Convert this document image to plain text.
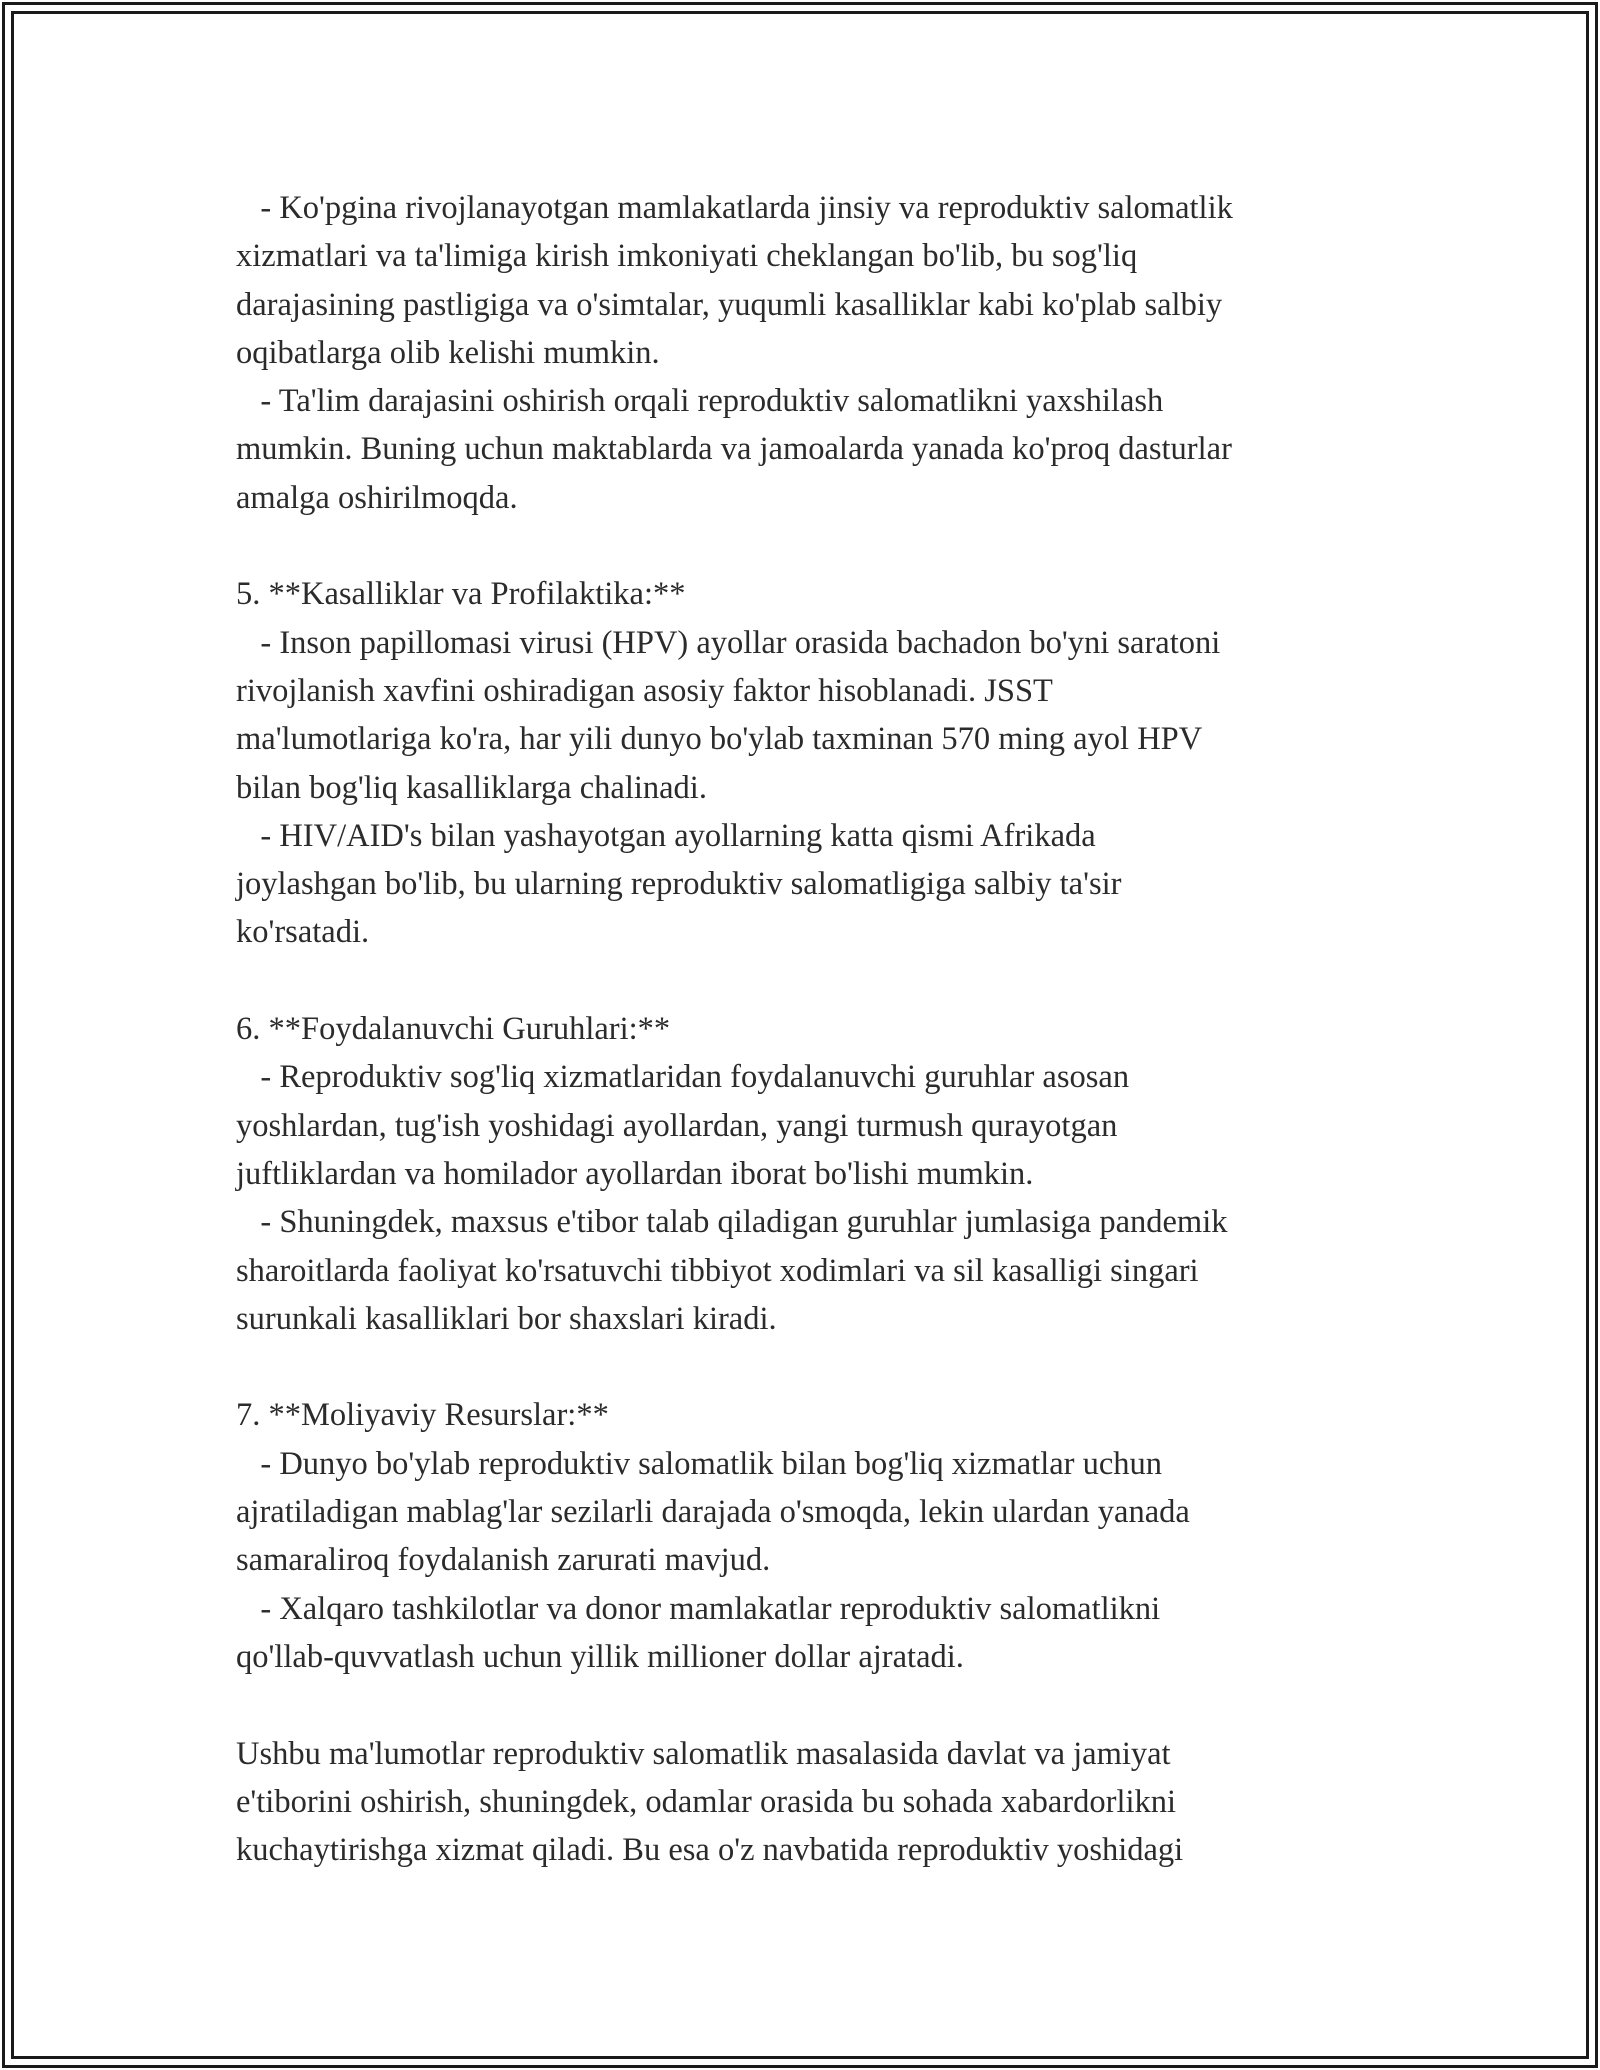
- Ko'pgina rivojlanayotgan mamlakatlarda jinsiy va reproduktiv salomatlik
xizmatlari va ta'limiga kirish imkoniyati cheklangan bo'lib, bu sog'liq
darajasining pastligiga va o'simtalar, yuqumli kasalliklar kabi ko'plab salbiy
oqibatlarga olib kelishi mumkin.
- Ta'lim darajasini oshirish orqali reproduktiv salomatlikni yaxshilash
mumkin. Buning uchun maktablarda va jamoalarda yanada ko'proq dasturlar
amalga oshirilmoqda.
5. **Kasalliklar va Profilaktika:**
- Inson papillomasi virusi (HPV) ayollar orasida bachadon bo'yni saratoni
rivojlanish xavfini oshiradigan asosiy faktor hisoblanadi. JSST
ma'lumotlariga ko'ra, har yili dunyo bo'ylab taxminan 570 ming ayol HPV
bilan bog'liq kasalliklarga chalinadi.
- HIV/AID's bilan yashayotgan ayollarning katta qismi Afrikada
joylashgan bo'lib, bu ularning reproduktiv salomatligiga salbiy ta'sir
ko'rsatadi.
6. **Foydalanuvchi Guruhlari:**
- Reproduktiv sog'liq xizmatlaridan foydalanuvchi guruhlar asosan
yoshlardan, tug'ish yoshidagi ayollardan, yangi turmush qurayotgan
juftliklardan va homilador ayollardan iborat bo'lishi mumkin.
- Shuningdek, maxsus e'tibor talab qiladigan guruhlar jumlasiga pandemik
sharoitlarda faoliyat ko'rsatuvchi tibbiyot xodimlari va sil kasalligi singari
surunkali kasalliklari bor shaxslari kiradi.
7. **Moliyaviy Resurslar:**
- Dunyo bo'ylab reproduktiv salomatlik bilan bog'liq xizmatlar uchun
ajratiladigan mablag'lar sezilarli darajada o'smoqda, lekin ulardan yanada
samaraliroq foydalanish zarurati mavjud.
- Xalqaro tashkilotlar va donor mamlakatlar reproduktiv salomatlikni
qo'llab-quvvatlash uchun yillik millioner dollar ajratadi.
Ushbu ma'lumotlar reproduktiv salomatlik masalasida davlat va jamiyat
e'tiborini oshirish, shuningdek, odamlar orasida bu sohada xabardorlikni
kuchaytirishga xizmat qiladi. Bu esa o'z navbatida reproduktiv yoshidagi
